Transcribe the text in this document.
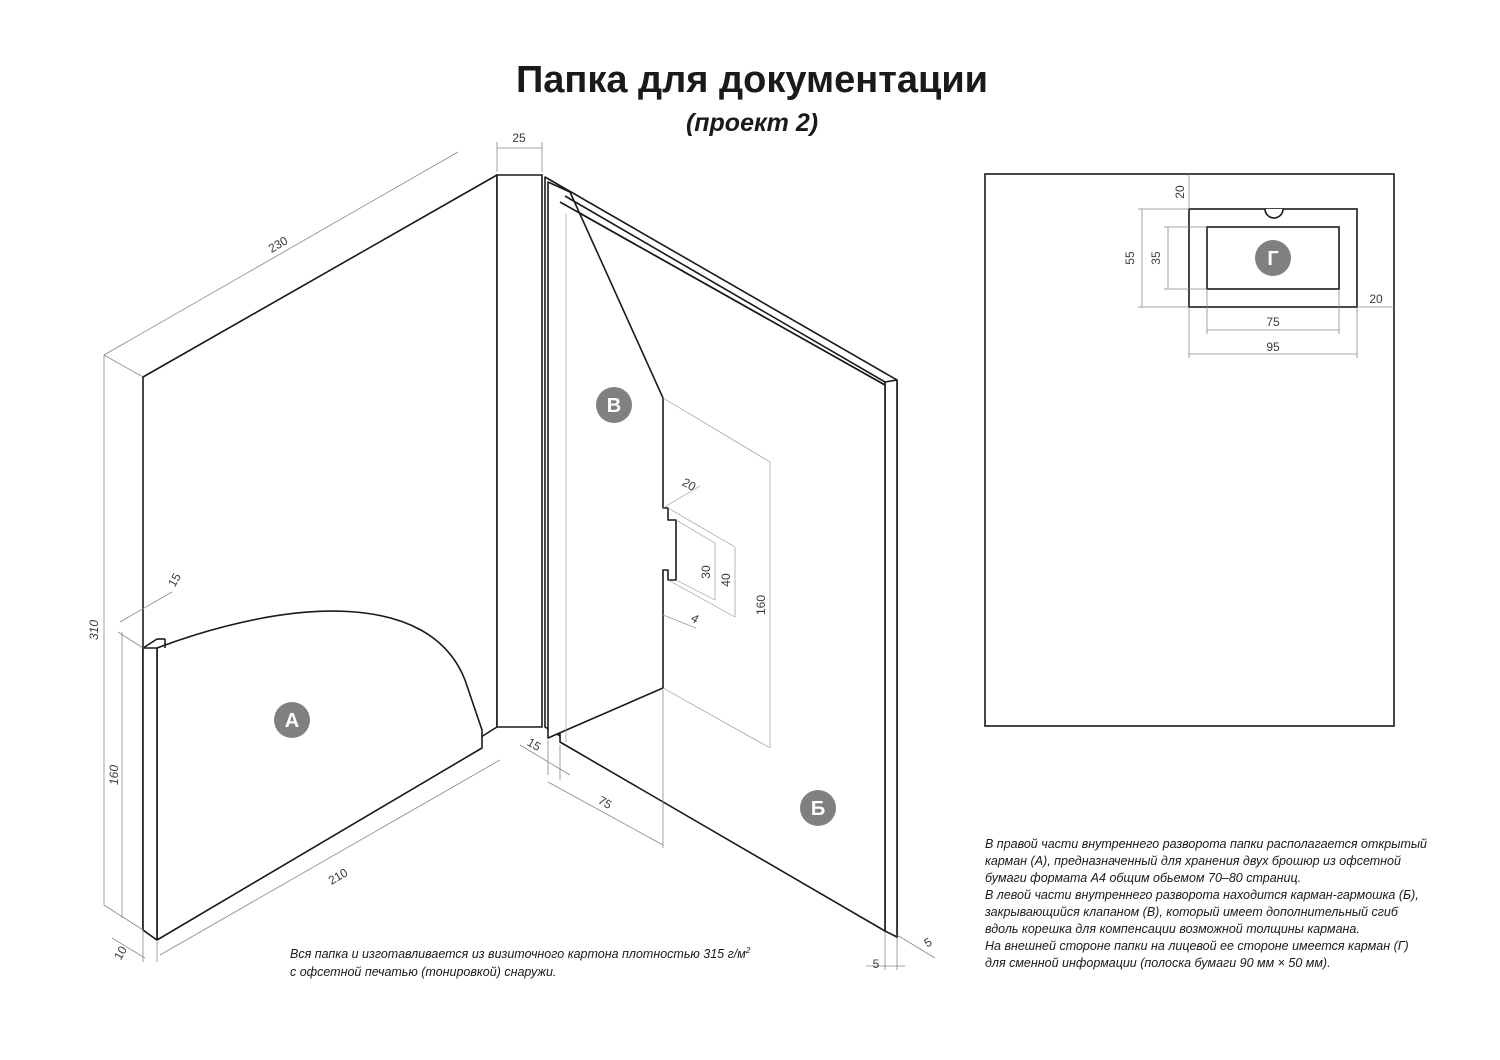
Папка для документации
(проект 2)
25
230
310
160
15
10
210
15
75
20
30
40
4
160
5
5
А
В
Б
Г
20
55 35
75
95
20

Вся папка и изготавливается из визиточного картона плотностью 315 $г/м^2$

с офсетной печатью (тонировкой) снаружи.

В правой части внутреннего разворота папки располагается открытый

карман (А), предназначенный для хранения двух брошюр из офсетной

бумаги формата А4 общим обьемом 70–80 страниц.

В левой части внутреннего разворота находится карман-гармошка (Б),

закрывающийся клапаном (В), который имеет дополнительный сгиб

вдоль корешка для компенсации возможной толщины кармана.

На внешней стороне папки на лицевой ее стороне имеется карман (Г)

для сменной информации (полоска бумаги 90 мм × 50 мм).
